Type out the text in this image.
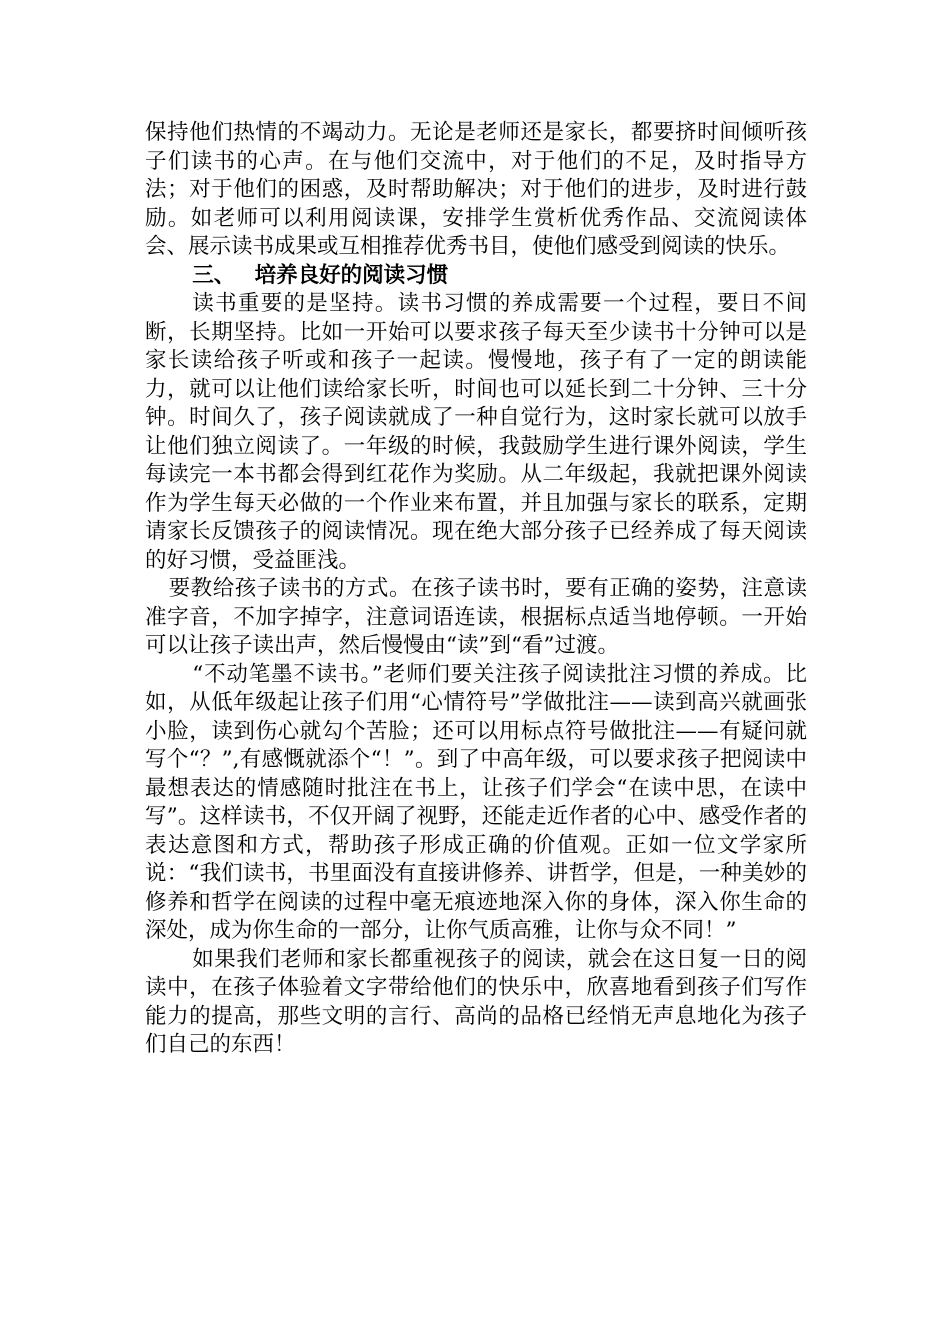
保持他们热情的不竭动力。无论是老师还是家长，都要挤时间倾听孩子们读书的心声。在与他们交流中，对于他们的不足，及时指导方法；对于他们的困惑，及时帮助解决；对于他们的进步，及时进行鼓励。如老师可以利用阅读课，安排学生赏析优秀作品、交流阅读体会、展示读书成果或互相推荐优秀书目，使他们感受到阅读的快乐。

三、 培养良好的阅读习惯

读书重要的是坚持。读书习惯的养成需要一个过程，要日不间断，长期坚持。比如一开始可以要求孩子每天至少读书十分钟可以是家长读给孩子听或和孩子一起读。慢慢地，孩子有了一定的朗读能力，就可以让他们读给家长听，时间也可以延长到二十分钟、三十分钟。时间久了，孩子阅读就成了一种自觉行为，这时家长就可以放手让他们独立阅读了。一年级的时候，我鼓励学生进行课外阅读，学生每读完一本书都会得到红花作为奖励。从二年级起，我就把课外阅读作为学生每天必做的一个作业来布置，并且加强与家长的联系，定期请家长反馈孩子的阅读情况。现在绝大部分孩子已经养成了每天阅读的好习惯，受益匪浅。

要教给孩子读书的方式。在孩子读书时，要有正确的姿势，注意读准字音，不加字掉字，注意词语连读，根据标点适当地停顿。一开始可以让孩子读出声，然后慢慢由“读”到“看”过渡。

“不动笔墨不读书。”老师们要关注孩子阅读批注习惯的养成。比如，从低年级起让孩子们用“心情符号”学做批注——读到高兴就画张小脸，读到伤心就勾个苦脸；还可以用标点符号做批注——有疑问就写个“？”,有感慨就添个“！”。到了中高年级，可以要求孩子把阅读中最想表达的情感随时批注在书上，让孩子们学会“在读中思，在读中写”。这样读书，不仅开阔了视野，还能走近作者的心中、感受作者的表达意图和方式，帮助孩子形成正确的价值观。正如一位文学家所说：“我们读书，书里面没有直接讲修养、讲哲学，但是，一种美妙的修养和哲学在阅读的过程中毫无痕迹地深入你的身体，深入你生命的深处，成为你生命的一部分，让你气质高雅，让你与众不同！”

如果我们老师和家长都重视孩子的阅读，就会在这日复一日的阅读中，在孩子体验着文字带给他们的快乐中，欣喜地看到孩子们写作能力的提高，那些文明的言行、高尚的品格已经悄无声息地化为孩子们自己的东西！
